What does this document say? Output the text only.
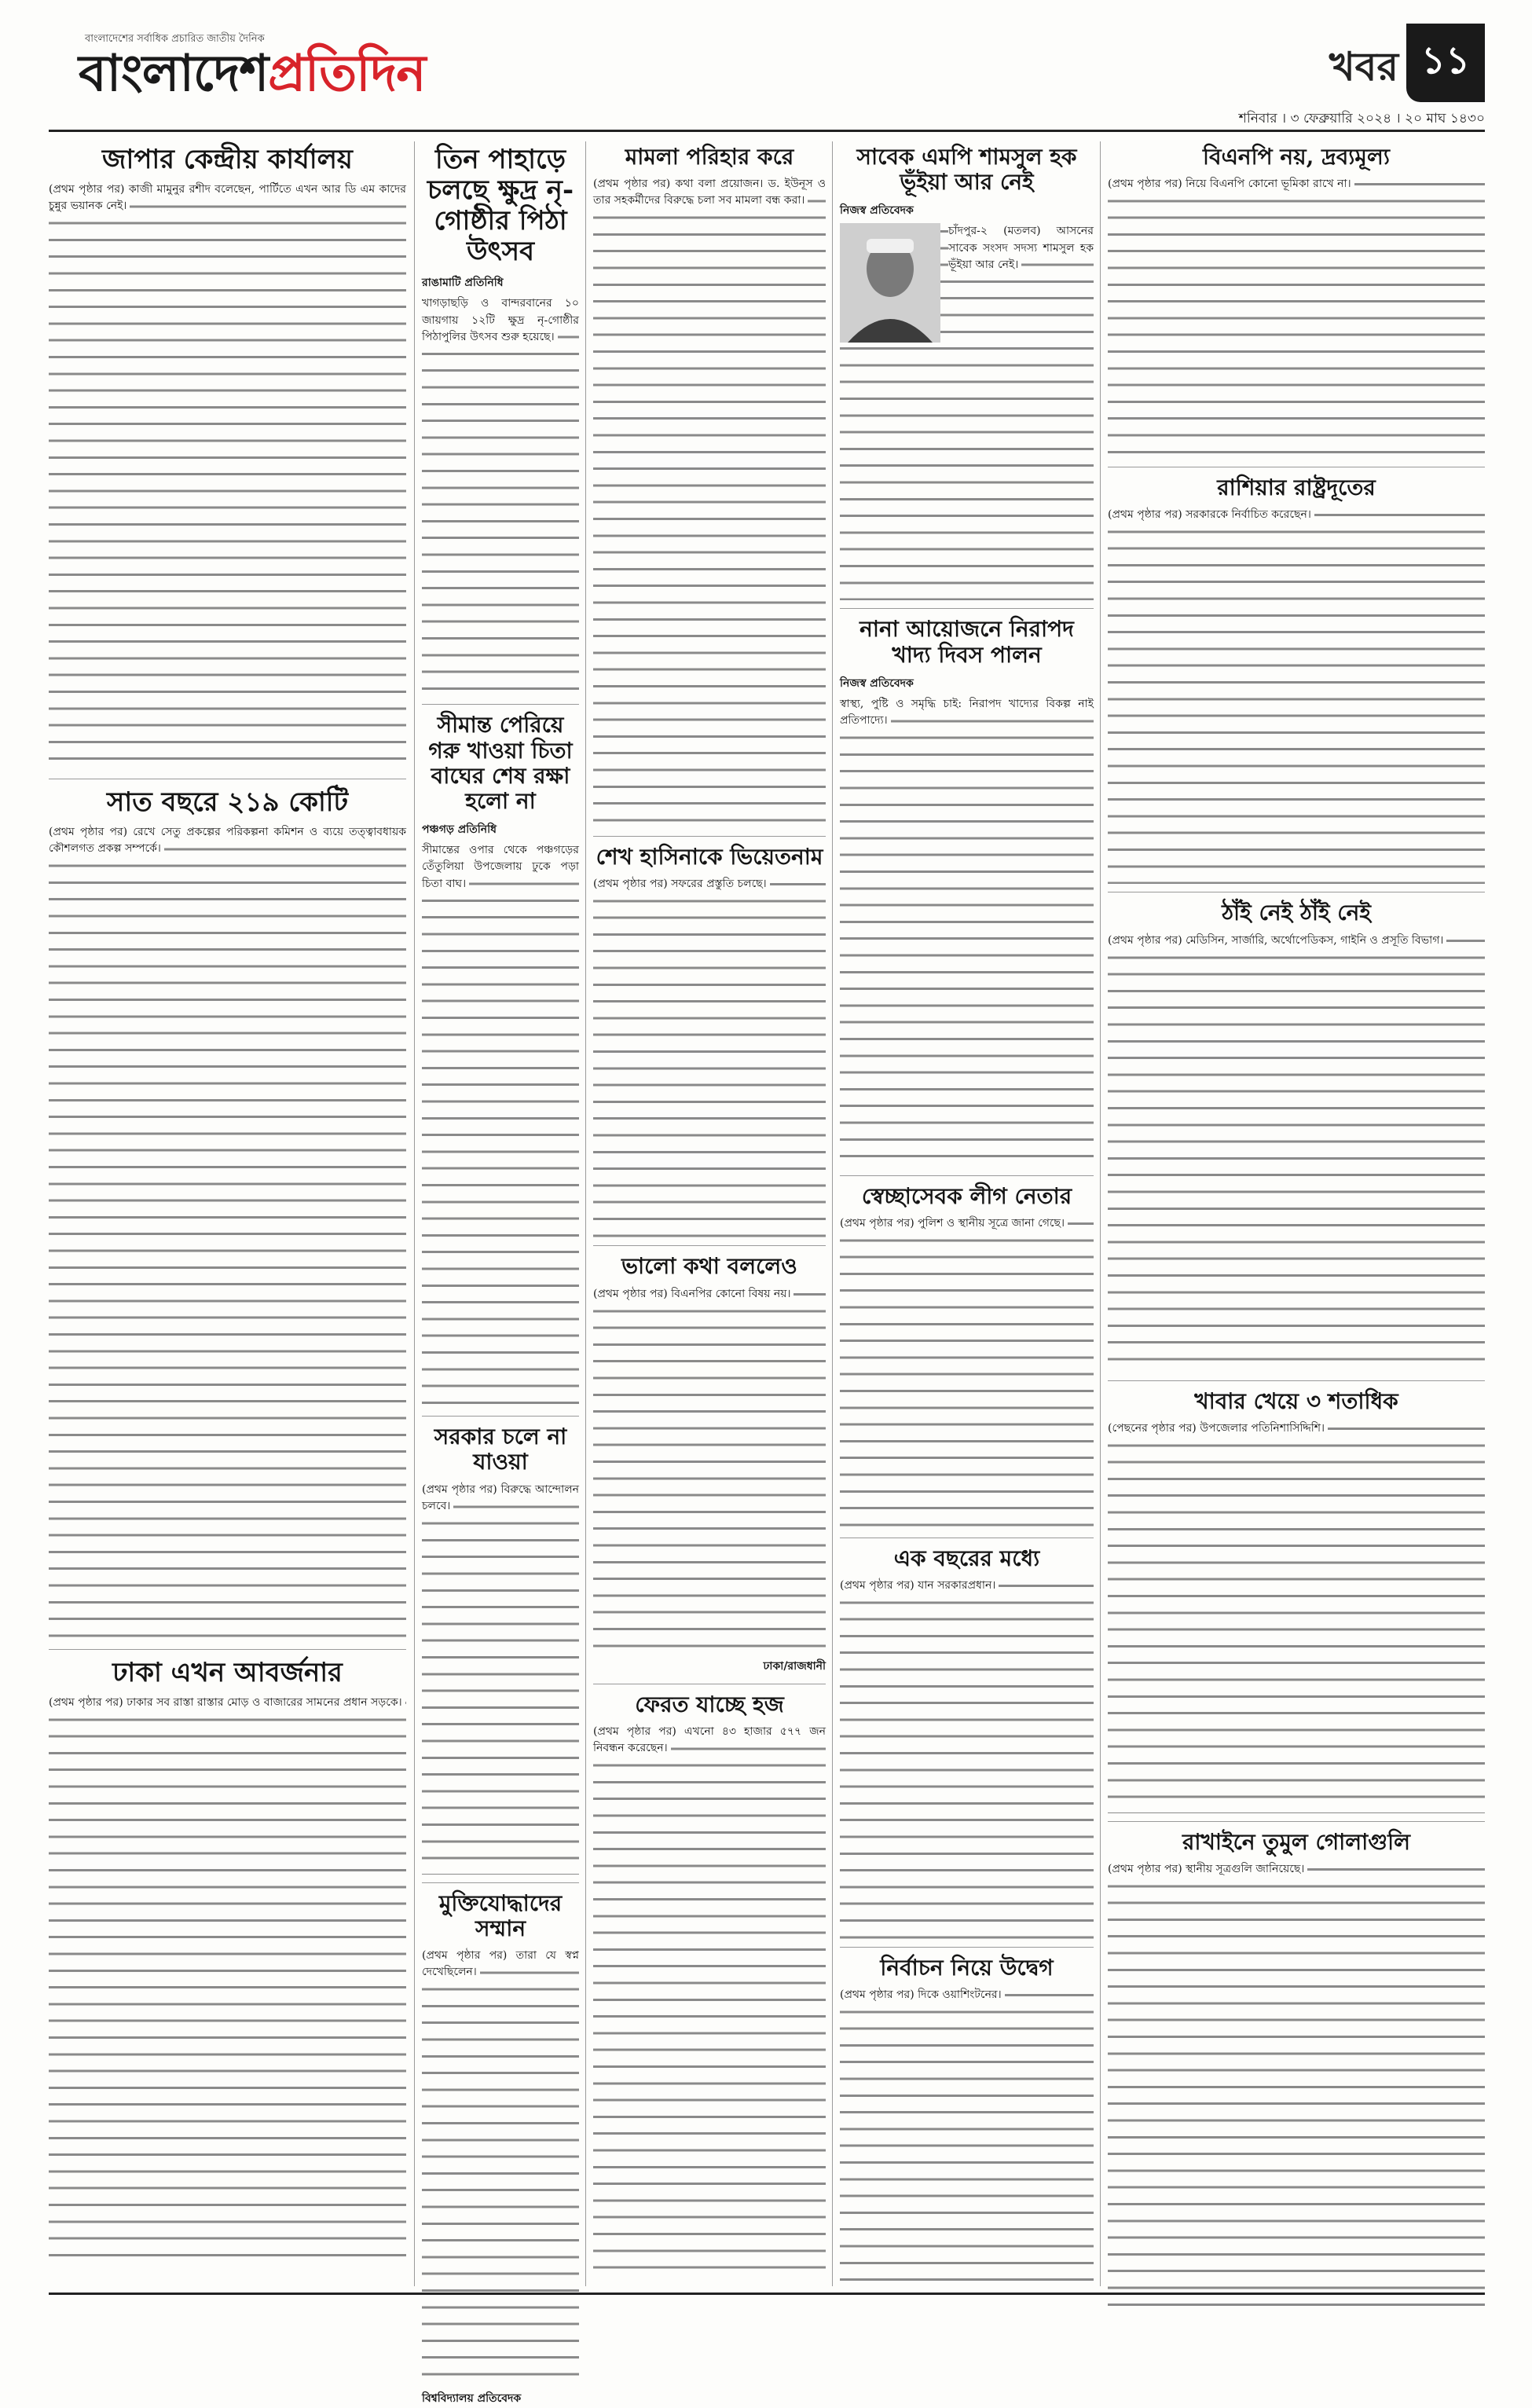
বাংলাদেশের সর্বাধিক প্রচারিত জাতীয় দৈনিক
বাংলাদেশপ্রতিদিন	খবর ১১
শনিবার । ৩ ফেব্রুয়ারি ২০২৪ । ২০ মাঘ ১৪৩০
জাপার কেন্দ্রীয় কার্যালয়

(প্রথম পৃষ্ঠার পর) কাজী মামুনুর রশীদ বলেছেন, পার্টিতে এখন আর ডি এম কাদের চুন্নুর ভয়ানক নেই।

সাত বছরে ২১৯ কোটি

(প্রথম পৃষ্ঠার পর) রেখে সেতু প্রকল্পের পরিকল্পনা কমিশন ও ব্যয়ে তত্ত্বাবধায়ক কৌশলগত প্রকল্প সম্পর্কে।

ঢাকা এখন আবর্জনার

(প্রথম পৃষ্ঠার পর) ঢাকার সব রাস্তা রাস্তার মোড় ও বাজারের সামনের প্রধান সড়কে।

তিন পাহাড়ে চলছে ক্ষুদ্র নৃ-গোষ্ঠীর পিঠা উৎসব
রাঙামাটি প্রতিনিধি

খাগড়াছড়ি ও বান্দরবানের ১০ জায়গায় ১২টি ক্ষুদ্র নৃ-গোষ্ঠীর পিঠাপুলির উৎসব শুরু হয়েছে।

সীমান্ত পেরিয়ে গরু খাওয়া চিতা বাঘের শেষ রক্ষা হলো না
পঞ্চগড় প্রতিনিধি

সীমান্তের ওপার থেকে পঞ্চগড়ের তেঁতুলিয়া উপজেলায় ঢুকে পড়া চিতা বাঘ।

সরকার চলে না যাওয়া

(প্রথম পৃষ্ঠার পর) বিরুদ্ধে আন্দোলন চলবে।

মুক্তিযোদ্ধাদের সম্মান

(প্রথম পৃষ্ঠার পর) তারা যে স্বপ্ন দেখেছিলেন।

বিশ্ববিদ্যালয় প্রতিবেদক
মামলা পরিহার করে

(প্রথম পৃষ্ঠার পর) কথা বলা প্রয়োজন। ড. ইউনূস ও তার সহকর্মীদের বিরুদ্ধে চলা সব মামলা বন্ধ করা।

শেখ হাসিনাকে ভিয়েতনাম

(প্রথম পৃষ্ঠার পর) সফরের প্রস্তুতি চলছে।

ভালো কথা বললেও

(প্রথম পৃষ্ঠার পর) বিএনপির কোনো বিষয় নয়।

ঢাকা/রাজধানী
ফেরত যাচ্ছে হজ

(প্রথম পৃষ্ঠার পর) এখনো ৪৩ হাজার ৫৭৭ জন নিবন্ধন করেছেন।

সাবেক এমপি শামসুল হক ভূঁইয়া আর নেই
নিজস্ব প্রতিবেদক

চাঁদপুর-২ (মতলব) আসনের সাবেক সংসদ সদস্য শামসুল হক ভূঁইয়া আর নেই।

নানা আয়োজনে নিরাপদ খাদ্য দিবস পালন
নিজস্ব প্রতিবেদক

স্বাস্থ্য, পুষ্টি ও সমৃদ্ধি চাই: নিরাপদ খাদ্যের বিকল্প নাই প্রতিপাদ্যে।

স্বেচ্ছাসেবক লীগ নেতার

(প্রথম পৃষ্ঠার পর) পুলিশ ও স্থানীয় সূত্রে জানা গেছে।

এক বছরের মধ্যে

(প্রথম পৃষ্ঠার পর) যান সরকারপ্রধান।

নির্বাচন নিয়ে উদ্বেগ

(প্রথম পৃষ্ঠার পর) দিকে ওয়াশিংটনের।

বিএনপি নয়, দ্রব্যমূল্য

(প্রথম পৃষ্ঠার পর) নিয়ে বিএনপি কোনো ভূমিকা রাখে না।

রাশিয়ার রাষ্ট্রদূতের

(প্রথম পৃষ্ঠার পর) সরকারকে নির্বাচিত করেছেন।

ঠাঁই নেই ঠাঁই নেই

(প্রথম পৃষ্ঠার পর) মেডিসিন, সার্জারি, অর্থোপেডিকস, গাইনি ও প্রসূতি বিভাগ।

খাবার খেয়ে ৩ শতাধিক

(পেছনের পৃষ্ঠার পর) উপজেলার পতিনিশাসিদ্দিশি।

রাখাইনে তুমুল গোলাগুলি

(প্রথম পৃষ্ঠার পর) স্থানীয় সূত্রগুলি জানিয়েছে।
